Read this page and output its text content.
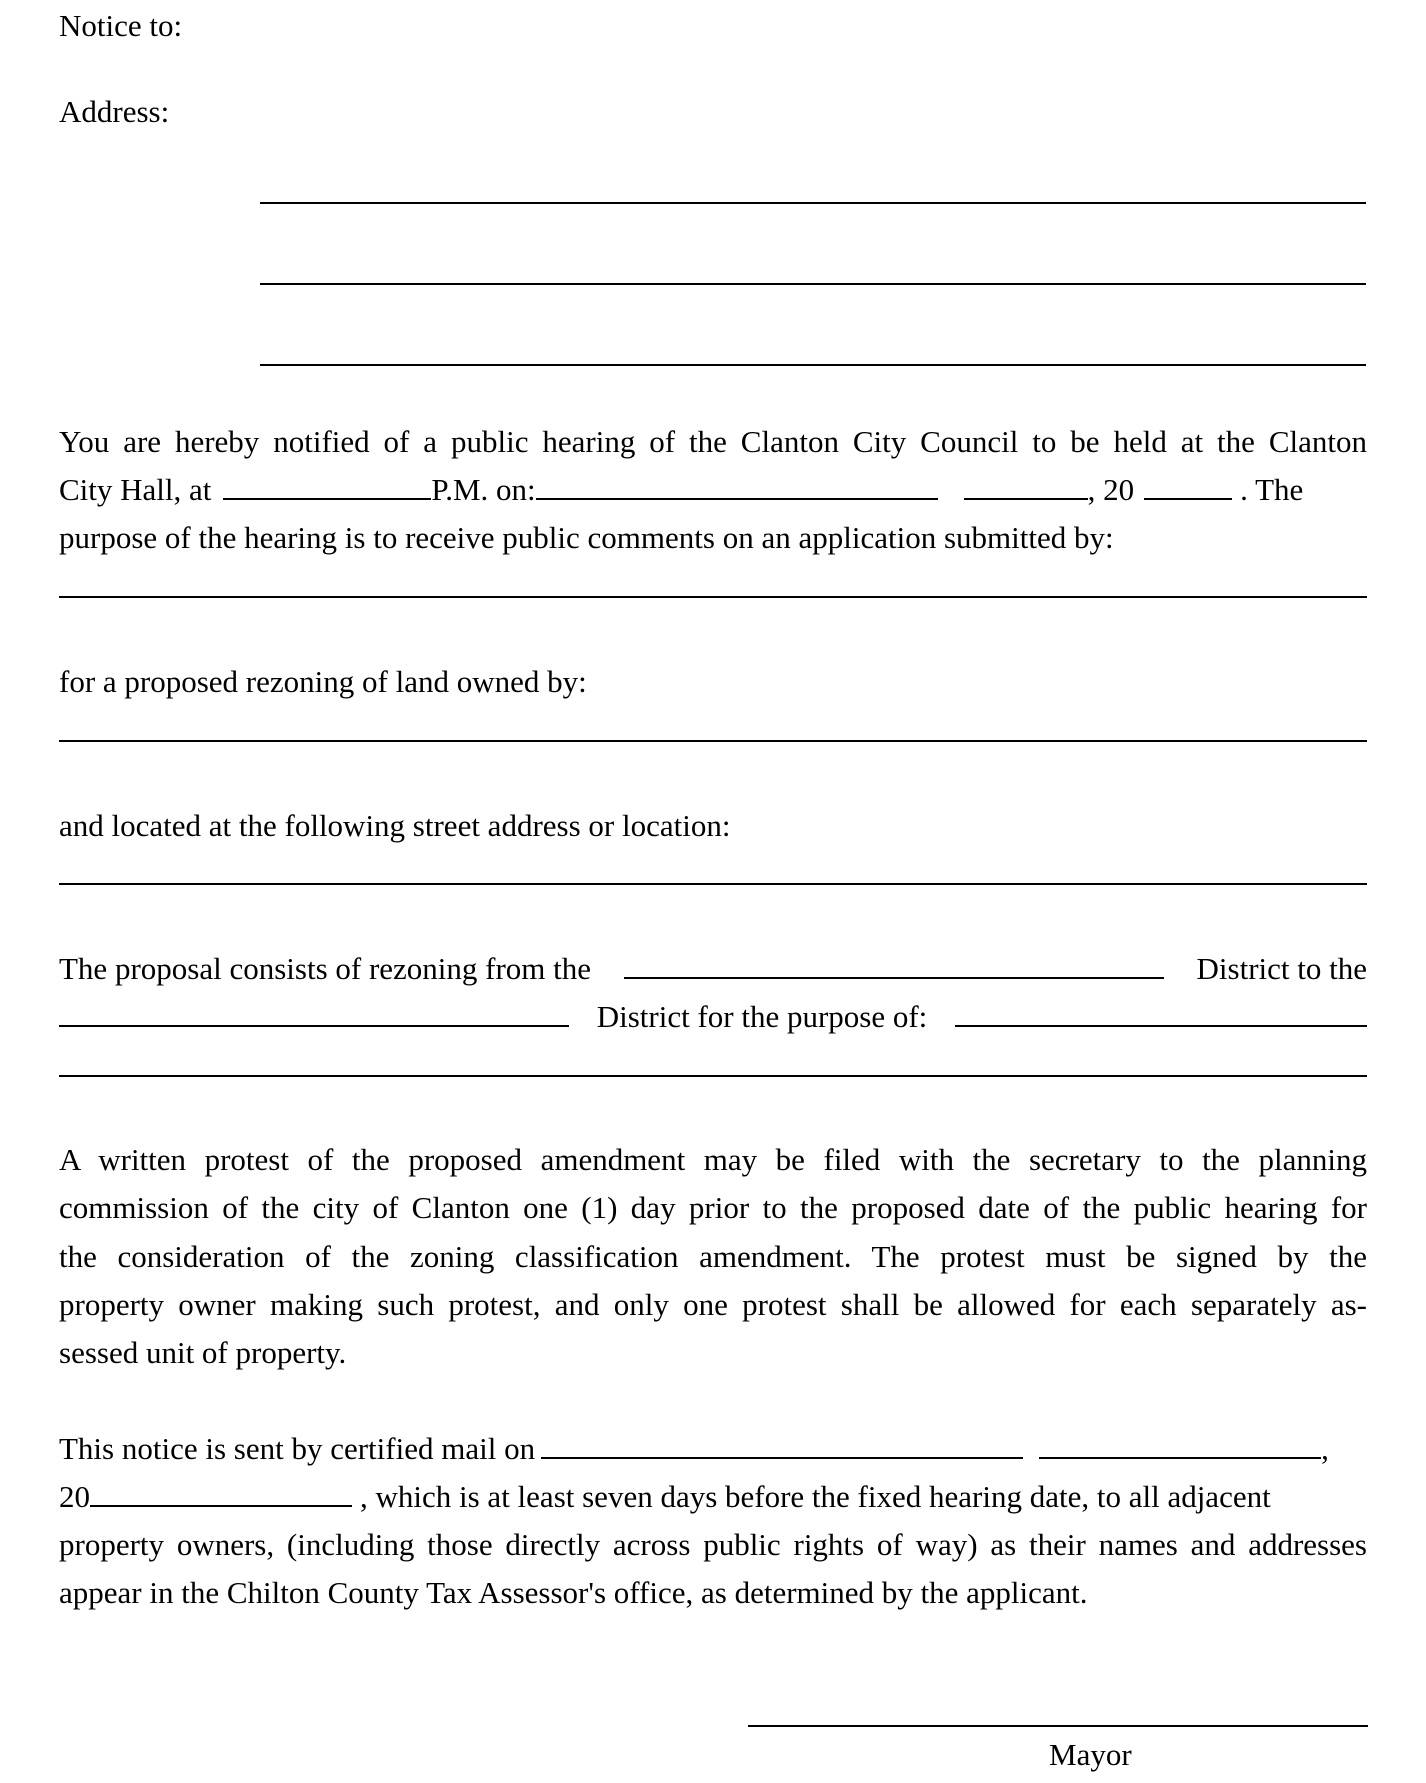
Notice to:
Address:
You are hereby notified of a public hearing of the Clanton City Council to be held at the Clanton
City Hall, at	P.M. on:	, 20	. The
purpose of the hearing is to receive public comments on an application submitted by:
for a proposed rezoning of land owned by:
and located at the following street address or location:
The proposal consists of rezoning from the	District to the
District for the purpose of:
A written protest of the proposed amendment may be filed with the secretary to the planning
commission of the city of Clanton one (1) day prior to the proposed date of the public hearing for
the consideration of the zoning classification amendment. The protest must be signed by the
property owner making such protest, and only one protest shall be allowed for each separately as-
sessed unit of property.
This notice is sent by certified mail on	,
20	, which is at least seven days before the fixed hearing date, to all adjacent
property owners, (including those directly across public rights of way) as their names and addresses
appear in the Chilton County Tax Assessor's office, as determined by the applicant.
Mayor
